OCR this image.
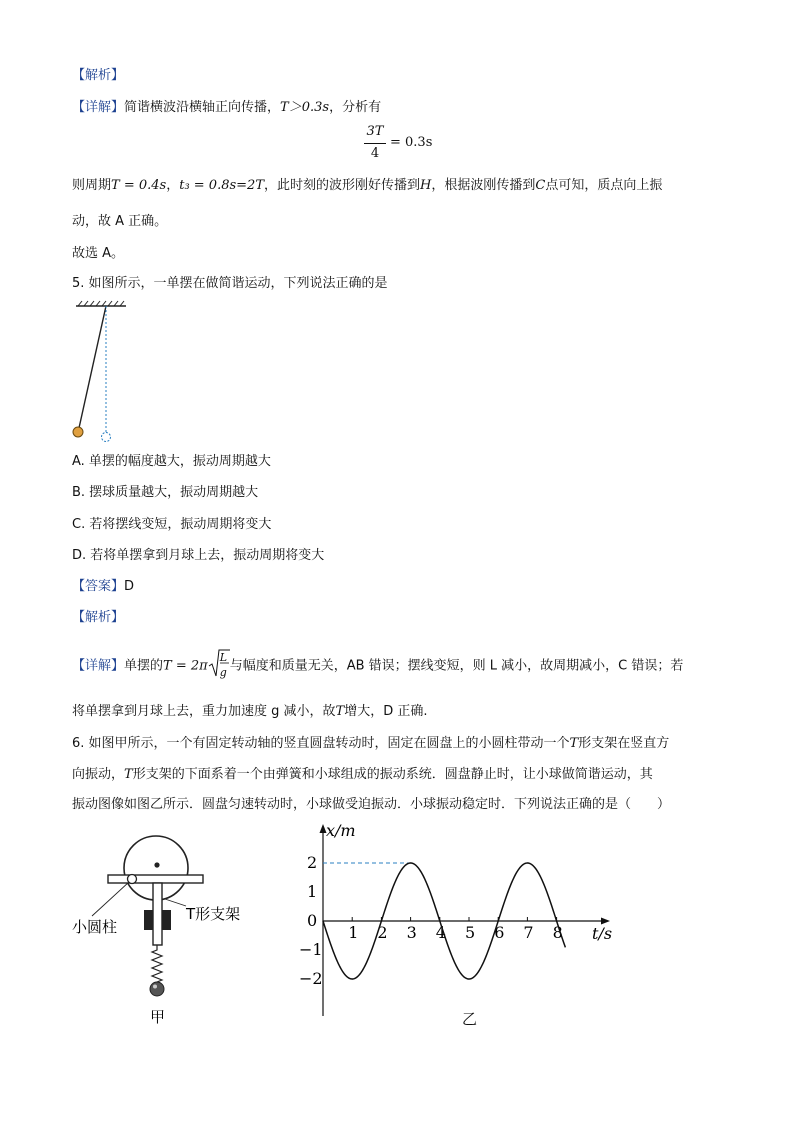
【解析】
【详解】简谐横波沿横轴正向传播，T＞0.3s，分析有
3T
4
= 0.3s
则周期T = 0.4s，t₃ = 0.8s=2T，此时刻的波形刚好传播到H，根据波刚传播到C点可知，质点向上振
动，故 A 正确。
故选 A。
5. 如图所示，一单摆在做简谐运动，下列说法正确的是
A. 单摆的幅度越大，振动周期越大
B. 摆球质量越大，振动周期越大
C. 若将摆线变短，振动周期将变大
D. 若将单摆拿到月球上去，振动周期将变大
【答案】D
【解析】
【详解】单摆的T = 2π
L
g 与幅度和质量无关，AB 错误；摆线变短，则 L 减小，故周期减小，C 错误；若
将单摆拿到月球上去，重力加速度 g 减小，故T增大，D 正确.
6. 如图甲所示，一个有固定转动轴的竖直圆盘转动时，固定在圆盘上的小圆柱带动一个T形支架在竖直方
向振动，T形支架的下面系着一个由弹簧和小球组成的振动系统．圆盘静止时，让小球做简谐运动，其
振动图像如图乙所示．圆盘匀速转动时，小球做受迫振动．小球振动稳定时．下列说法正确的是（　　）
小圆柱
T形支架
甲
x/m
t/s
0
1 2 3 4 5 6 7 8
2
1
−1
−2
乙
